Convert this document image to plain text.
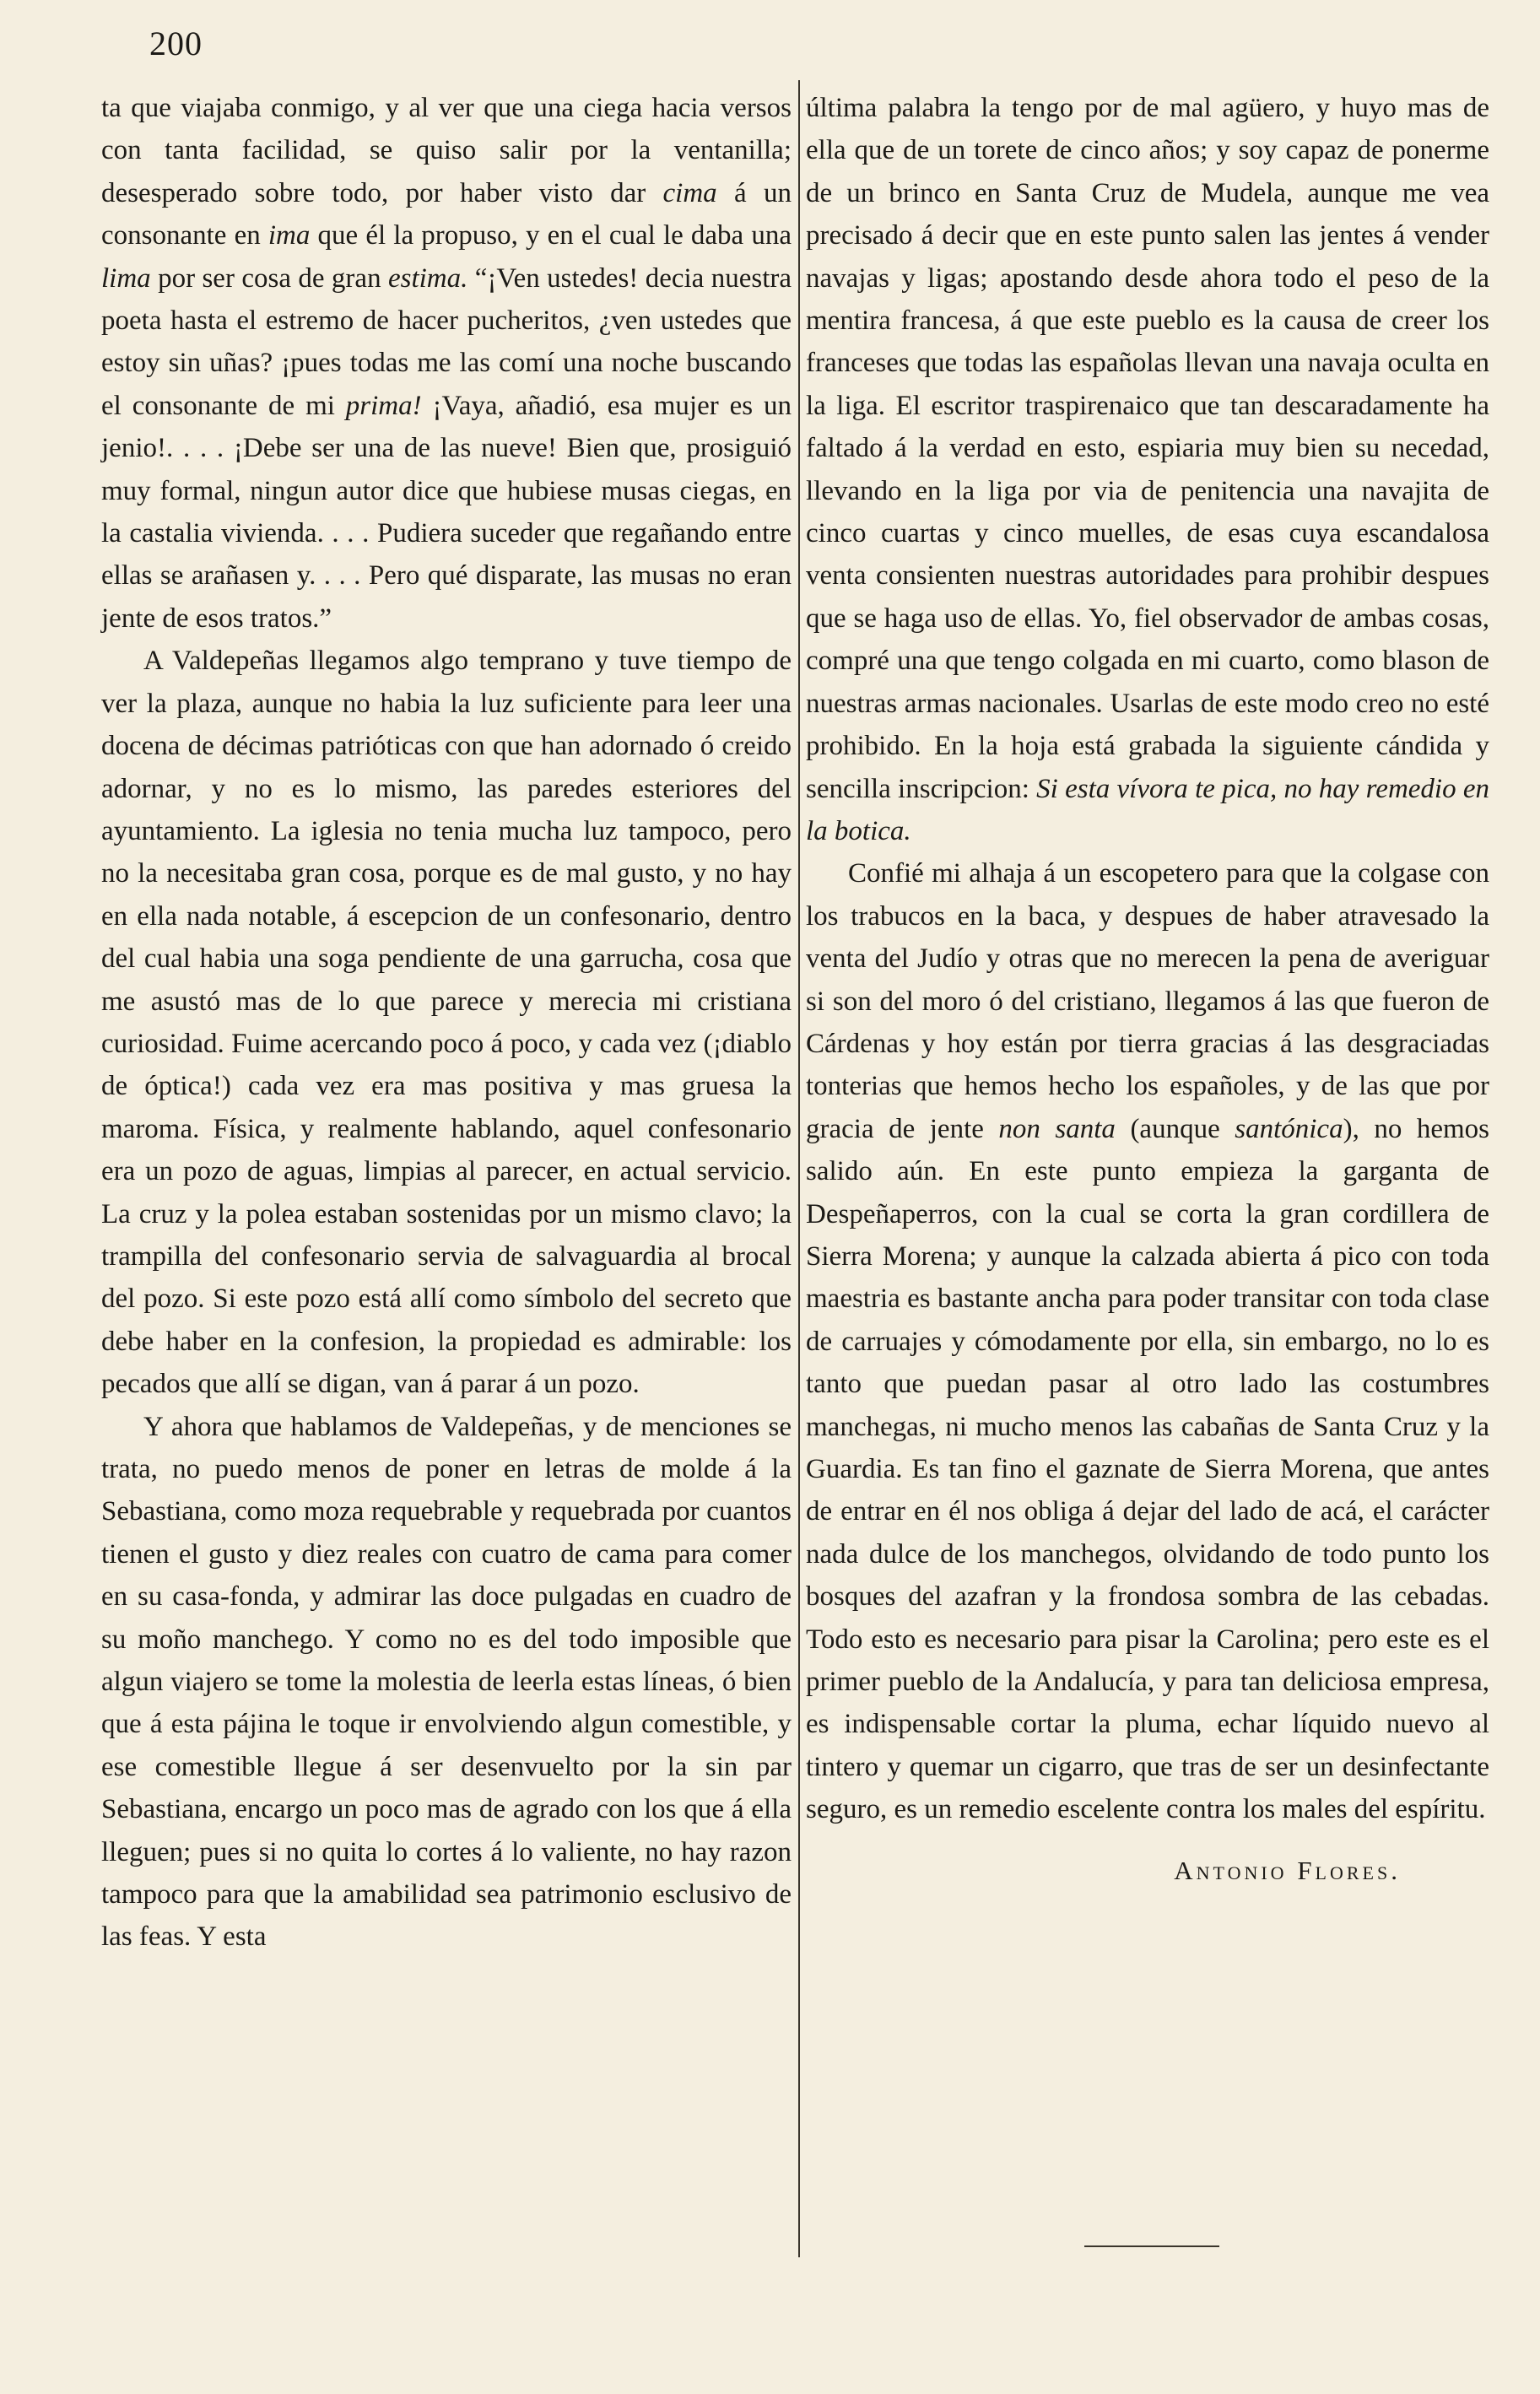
200

ta que viajaba conmigo, y al ver que una ciega hacia versos con tanta facilidad, se quiso salir por la ventanilla; desesperado sobre todo, por haber visto dar cima á un consonante en ima que él la propuso, y en el cual le daba una lima por ser cosa de gran estima. “¡Ven ustedes! decia nuestra poeta hasta el estremo de hacer pucheritos, ¿ven ustedes que estoy sin uñas? ¡pues todas me las comí una noche buscando el consonante de mi prima! ¡Vaya, añadió, esa mujer es un jenio!. . . . ¡Debe ser una de las nueve! Bien que, prosiguió muy formal, ningun autor dice que hubiese musas ciegas, en la castalia vivienda. . . . Pudiera suceder que regañando entre ellas se arañasen y. . . . Pero qué disparate, las musas no eran jente de esos tratos.”

A Valdepeñas llegamos algo temprano y tuve tiempo de ver la plaza, aunque no habia la luz suficiente para leer una docena de décimas patrióticas con que han adornado ó creido adornar, y no es lo mismo, las paredes esteriores del ayuntamiento. La iglesia no tenia mucha luz tampoco, pero no la necesitaba gran cosa, porque es de mal gusto, y no hay en ella nada notable, á escepcion de un confesonario, dentro del cual habia una soga pendiente de una garrucha, cosa que me asustó mas de lo que parece y merecia mi cristiana curiosidad. Fuime acercando poco á poco, y cada vez (¡diablo de óptica!) cada vez era mas positiva y mas gruesa la maroma. Física, y realmente hablando, aquel confesonario era un pozo de aguas, limpias al parecer, en actual servicio. La cruz y la polea estaban sostenidas por un mismo clavo; la trampilla del confesonario servia de salvaguardia al brocal del pozo. Si este pozo está allí como símbolo del secreto que debe haber en la confesion, la propiedad es admirable: los pecados que allí se digan, van á parar á un pozo.

Y ahora que hablamos de Valdepeñas, y de menciones se trata, no puedo menos de poner en letras de molde á la Sebastiana, como moza requebrable y requebrada por cuantos tienen el gusto y diez reales con cuatro de cama para comer en su casa-fonda, y admirar las doce pulgadas en cuadro de su moño manchego. Y como no es del todo imposible que algun viajero se tome la molestia de leerla estas líneas, ó bien que á esta pájina le toque ir envolviendo algun comestible, y ese comestible llegue á ser desenvuelto por la sin par Sebastiana, encargo un poco mas de agrado con los que á ella lleguen; pues si no quita lo cortes á lo valiente, no hay razon tampoco para que la amabilidad sea patrimonio esclusivo de las feas. Y esta

última palabra la tengo por de mal agüero, y huyo mas de ella que de un torete de cinco años; y soy capaz de ponerme de un brinco en Santa Cruz de Mudela, aunque me vea precisado á decir que en este punto salen las jentes á vender navajas y ligas; apostando desde ahora todo el peso de la mentira francesa, á que este pueblo es la causa de creer los franceses que todas las españolas llevan una navaja oculta en la liga. El escritor traspirenaico que tan descaradamente ha faltado á la verdad en esto, espiaria muy bien su necedad, llevando en la liga por via de penitencia una navajita de cinco cuartas y cinco muelles, de esas cuya escandalosa venta consienten nuestras autoridades para prohibir despues que se haga uso de ellas. Yo, fiel observador de ambas cosas, compré una que tengo colgada en mi cuarto, como blason de nuestras armas nacionales. Usarlas de este modo creo no esté prohibido. En la hoja está grabada la siguiente cándida y sencilla inscripcion: Si esta vívora te pica, no hay remedio en la botica.

Confié mi alhaja á un escopetero para que la colgase con los trabucos en la baca, y despues de haber atravesado la venta del Judío y otras que no merecen la pena de averiguar si son del moro ó del cristiano, llegamos á las que fueron de Cárdenas y hoy están por tierra gracias á las desgraciadas tonterias que hemos hecho los españoles, y de las que por gracia de jente non santa (aunque santónica), no hemos salido aún. En este punto empieza la garganta de Despeñaperros, con la cual se corta la gran cordillera de Sierra Morena; y aunque la calzada abierta á pico con toda maestria es bastante ancha para poder transitar con toda clase de carruajes y cómodamente por ella, sin embargo, no lo es tanto que puedan pasar al otro lado las costumbres manchegas, ni mucho menos las cabañas de Santa Cruz y la Guardia. Es tan fino el gaznate de Sierra Morena, que antes de entrar en él nos obliga á dejar del lado de acá, el carácter nada dulce de los manchegos, olvidando de todo punto los bosques del azafran y la frondosa sombra de las cebadas. Todo esto es necesario para pisar la Carolina; pero este es el primer pueblo de la Andalucía, y para tan deliciosa empresa, es indispensable cortar la pluma, echar líquido nuevo al tintero y quemar un cigarro, que tras de ser un desinfectante seguro, es un remedio escelente contra los males del espíritu.

Antonio Flores.
